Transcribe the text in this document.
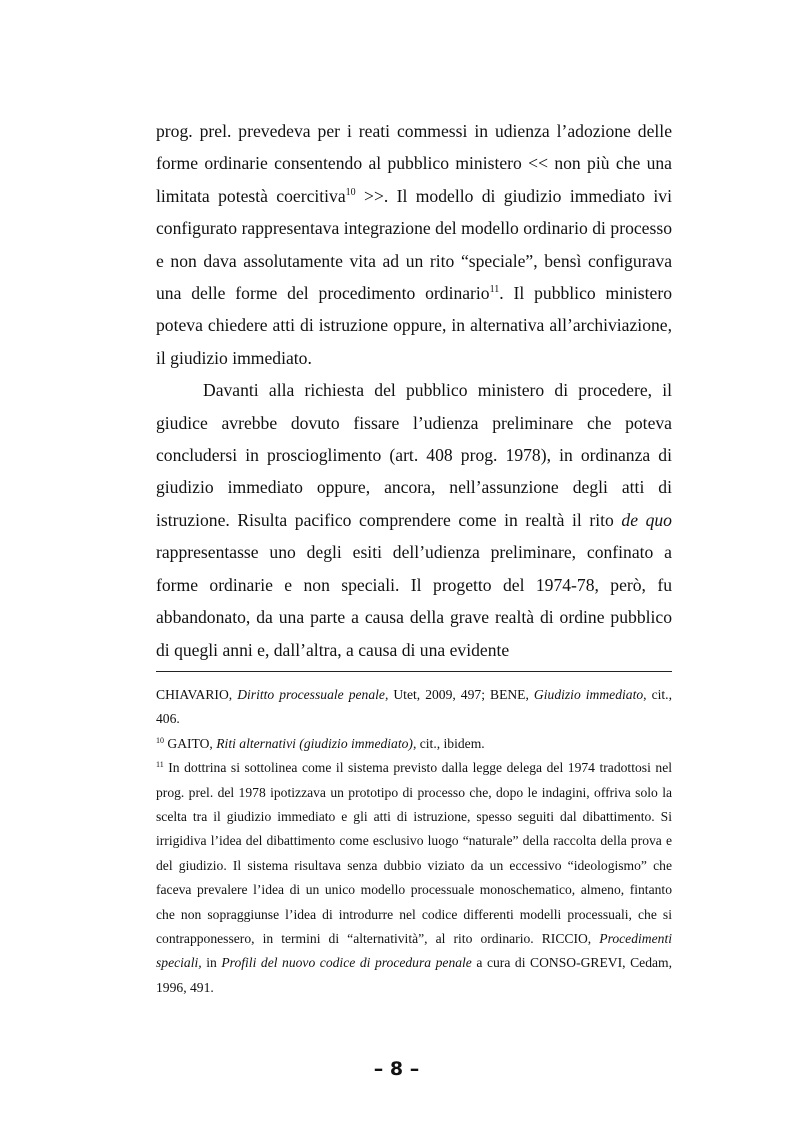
prog. prel. prevedeva per i reati commessi in udienza l’adozione delle forme ordinarie consentendo al pubblico ministero << non più che una limitata potestà coercitiva$^{10}$ >>. Il modello di giudizio immediato ivi configurato rappresentava integrazione del modello ordinario di processo e non dava assolutamente vita ad un rito “speciale”, bensì configurava una delle forme del procedimento ordinario$^{11}$. Il pubblico ministero poteva chiedere atti di istruzione oppure, in alternativa all’archiviazione, il giudizio immediato.

Davanti alla richiesta del pubblico ministero di procedere, il giudice avrebbe dovuto fissare l’udienza preliminare che poteva concludersi in proscioglimento (art. 408 prog. 1978), in ordinanza di giudizio immediato oppure, ancora, nell’assunzione degli atti di istruzione. Risulta pacifico comprendere come in realtà il rito de quo rappresentasse uno degli esiti dell’udienza preliminare, confinato a forme ordinarie e non speciali. Il progetto del 1974-78, però, fu abbandonato, da una parte a causa della grave realtà di ordine pubblico di quegli anni e, dall’altra, a causa di una evidente

CHIAVARIO, Diritto processuale penale, Utet, 2009, 497; BENE, Giudizio immediato, cit., 406.

$^{10}$ GAITO, Riti alternativi (giudizio immediato), cit., ibidem.

$^{11}$ In dottrina si sottolinea come il sistema previsto dalla legge delega del 1974 tradottosi nel prog. prel. del 1978 ipotizzava un prototipo di processo che, dopo le indagini, offriva solo la scelta tra il giudizio immediato e gli atti di istruzione, spesso seguiti dal dibattimento. Si irrigidiva l’idea del dibattimento come esclusivo luogo “naturale” della raccolta della prova e del giudizio. Il sistema risultava senza dubbio viziato da un eccessivo “ideologismo” che faceva prevalere l’idea di un unico modello processuale monoschematico, almeno, fintanto che non sopraggiunse l’idea di introdurre nel codice differenti modelli processuali, che si contrapponessero, in termini di “alternatività”, al rito ordinario. RICCIO, Procedimenti speciali, in Profili del nuovo codice di procedura penale a cura di CONSO-GREVI, Cedam, 1996, 491.

– 8 –
